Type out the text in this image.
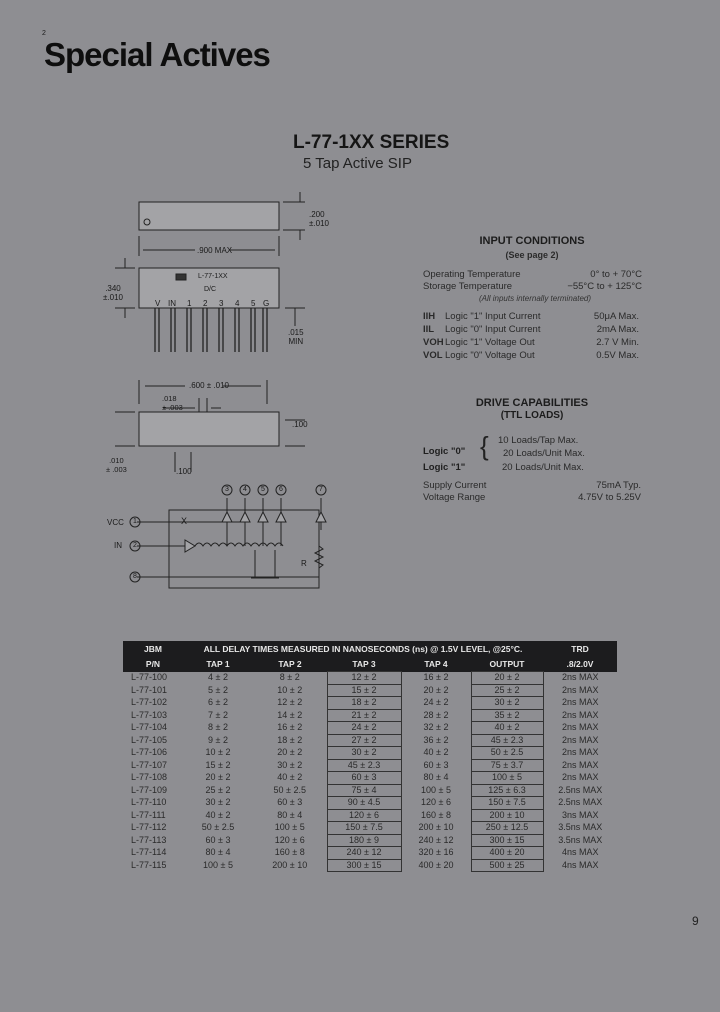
2
Special Actives
L-77-1XX SERIES
5 Tap Active SIP
.200
±.010
.900 MAX
.340
±.010
L-77-1XX
D/C
.015
MIN
.600 ± .010
.018
± .003
.100
.010
± .003	.100
V IN 1 2 3 4 5 G
3 4 5 6	7
1
2
8
VCC
IN
R
X
INPUT CONDITIONS
(See page 2)
Operating Temperature	0° to + 70°C
Storage Temperature	−55°C to + 125°C
(All inputs internally terminated)
IIH Logic "1" Input Current	50μA Max.
IIL Logic "0" Input Current	2mA Max.
VOH Logic "1" Voltage Out	2.7 V Min.
VOL Logic "0" Voltage Out	0.5V Max.
DRIVE CAPABILITIES
(TTL LOADS)
Logic "0" { 10 Loads/Tap Max.
20 Loads/Unit Max.
Logic "1"	20 Loads/Unit Max.
Supply Current	75mA Typ.
Voltage Range	4.75V to 5.25V
JBM	ALL DELAY TIMES MEASURED IN NANOSECONDS (ns) @ 1.5V LEVEL, @25°C.					TRD
P/N	TAP 1	TAP 2	TAP 3	TAP 4	OUTPUT	.8/2.0V
L-77-100	4 ± 2	8 ± 2	12 ± 2	16 ± 2	20 ± 2	2ns MAX
L-77-101	5 ± 2	10 ± 2	15 ± 2	20 ± 2	25 ± 2	2ns MAX
L-77-102	6 ± 2	12 ± 2	18 ± 2	24 ± 2	30 ± 2	2ns MAX
L-77-103	7 ± 2	14 ± 2	21 ± 2	28 ± 2	35 ± 2	2ns MAX
L-77-104	8 ± 2	16 ± 2	24 ± 2	32 ± 2	40 ± 2	2ns MAX
L-77-105	9 ± 2	18 ± 2	27 ± 2	36 ± 2	45 ± 2.3	2ns MAX
L-77-106	10 ± 2	20 ± 2	30 ± 2	40 ± 2	50 ± 2.5	2ns MAX
L-77-107	15 ± 2	30 ± 2	45 ± 2.3	60 ± 3	75 ± 3.7	2ns MAX
L-77-108	20 ± 2	40 ± 2	60 ± 3	80 ± 4	100 ± 5	2ns MAX
L-77-109	25 ± 2	50 ± 2.5	75 ± 4	100 ± 5	125 ± 6.3	2.5ns MAX
L-77-110	30 ± 2	60 ± 3	90 ± 4.5	120 ± 6	150 ± 7.5	2.5ns MAX
L-77-111	40 ± 2	80 ± 4	120 ± 6	160 ± 8	200 ± 10	3ns MAX
L-77-112	50 ± 2.5	100 ± 5	150 ± 7.5	200 ± 10	250 ± 12.5	3.5ns MAX
L-77-113	60 ± 3	120 ± 6	180 ± 9	240 ± 12	300 ± 15	3.5ns MAX
L-77-114	80 ± 4	160 ± 8	240 ± 12	320 ± 16	400 ± 20	4ns MAX
L-77-115	100 ± 5	200 ± 10	300 ± 15	400 ± 20	500 ± 25	4ns MAX
9
